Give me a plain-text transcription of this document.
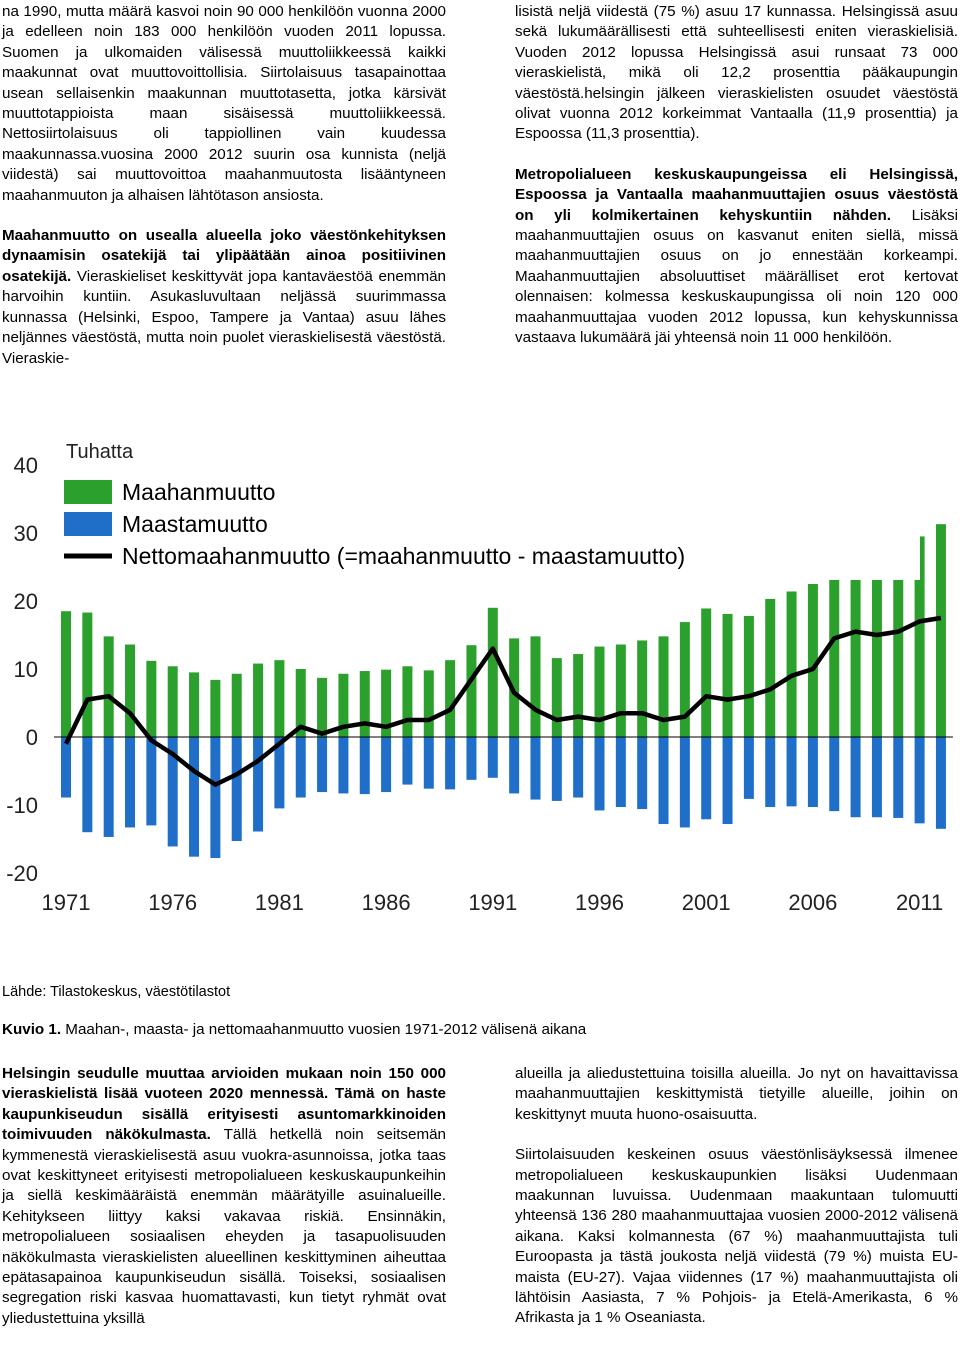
na 1990, mutta määrä kasvoi noin 90 000 henkilöön vuonna 2000 ja edelleen noin 183 000 henkilöön vuoden 2011 lopussa. Suomen ja ulkomaiden välisessä muuttoliikkeessä kaikki maakunnat ovat muuttovoittollisia. Siirtolaisuus tasapainottaa usean sellaisenkin maakunnan muuttotasetta, jotka kärsivät muuttotappioista maan sisäisessä muuttoliikkeessä. Nettosiirtolaisuus oli tappiollinen vain kuudessa maakunnassa.vuosina 2000 2012 suurin osa kunnista (neljä viidestä) sai muuttovoittoa maahanmuutosta lisääntyneen maahanmuuton ja alhaisen lähtötason ansiosta.

Maahanmuutto on usealla alueella joko väestönkehityksen dynaamisin osatekijä tai ylipäätään ainoa positiivinen osatekijä. Vieraskieliset keskittyvät jopa kantaväestöä enemmän harvoihin kuntiin. Asukasluvultaan neljässä suurimmassa kunnassa (Helsinki, Espoo, Tampere ja Vantaa) asuu lähes neljännes väestöstä, mutta noin puolet vieraskielisestä väestöstä. Vieraskie-

lisistä neljä viidestä (75 %) asuu 17 kunnassa. Helsingissä asuu sekä lukumäärällisesti että suhteellisesti eniten vieraskielisiä. Vuoden 2012 lopussa Helsingissä asui runsaat 73 000 vieraskielistä, mikä oli 12,2 prosenttia pääkaupungin väestöstä.helsingin jälkeen vieraskielisten osuudet väestöstä olivat vuonna 2012 korkeimmat Vantaalla (11,9 prosenttia) ja Espoossa (11,3 prosenttia).

Metropolialueen keskuskaupungeissa eli Helsingissä, Espoossa ja Vantaalla maahanmuuttajien osuus väestöstä on yli kolmikertainen kehyskuntiin nähden. Lisäksi maahanmuuttajien osuus on kasvanut eniten siellä, missä maahanmuuttajien osuus on jo ennestään korkeampi. Maahanmuuttajien absoluuttiset määrälliset erot kertovat olennaisen: kolmessa keskuskaupungissa oli noin 120 000 maahanmuuttajaa vuoden 2012 lopussa, kun kehyskunnissa vastaava lukumäärä jäi yhteensä noin 11 000 henkilöön.

Tuhatta
40
30
20
10
0
-10
-20
1971	1976	1981	1986	1991	1996	2001	2006	2011
Maahanmuutto
Maastamuutto
Nettomaahanmuutto (=maahanmuutto - maastamuutto)
Lähde: Tilastokeskus, väestötilastot
Kuvio 1. Maahan-, maasta- ja nettomaahanmuutto vuosien 1971-2012 välisenä aikana

Helsingin seudulle muuttaa arvioiden mukaan noin 150 000 vieraskielistä lisää vuoteen 2020 mennessä. Tämä on haste kaupunkiseudun sisällä erityisesti asuntomarkkinoiden toimivuuden näkökulmasta. Tällä hetkellä noin seitsemän kymmenestä vieraskielisestä asuu vuokra-asunnoissa, jotka taas ovat keskittyneet erityisesti metropolialueen keskuskaupunkeihin ja siellä keskimääräistä enemmän määrätyille asuinalueille. Kehitykseen liittyy kaksi vakavaa riskiä. Ensinnäkin, metropolialueen sosiaalisen eheyden ja tasapuolisuuden näkökulmasta vieraskielisten alueellinen keskittyminen aiheuttaa epätasapainoa kaupunkiseudun sisällä. Toiseksi, sosiaalisen segregation riski kasvaa huomattavasti, kun tietyt ryhmät ovat yliedustettuina yksillä

alueilla ja aliedustettuina toisilla alueilla. Jo nyt on havaittavissa maahanmuuttajien keskittymistä tietyille alueille, joihin on keskittynyt muuta huono-osaisuutta.

Siirtolaisuuden keskeinen osuus väestönlisäyksessä ilmenee metropolialueen keskuskaupunkien lisäksi Uudenmaan maakunnan luvuissa. Uudenmaan maakuntaan tulomuutti yhteensä 136 280 maahanmuuttajaa vuosien 2000-2012 välisenä aikana. Kaksi kolmannesta (67 %) maahanmuuttajista tuli Euroopasta ja tästä joukosta neljä viidestä (79 %) muista EU-maista (EU-27). Vajaa viidennes (17 %) maahanmuuttajista oli lähtöisin Aasiasta, 7 % Pohjois- ja Etelä-Amerikasta, 6 % Afrikasta ja 1 % Oseaniasta.
